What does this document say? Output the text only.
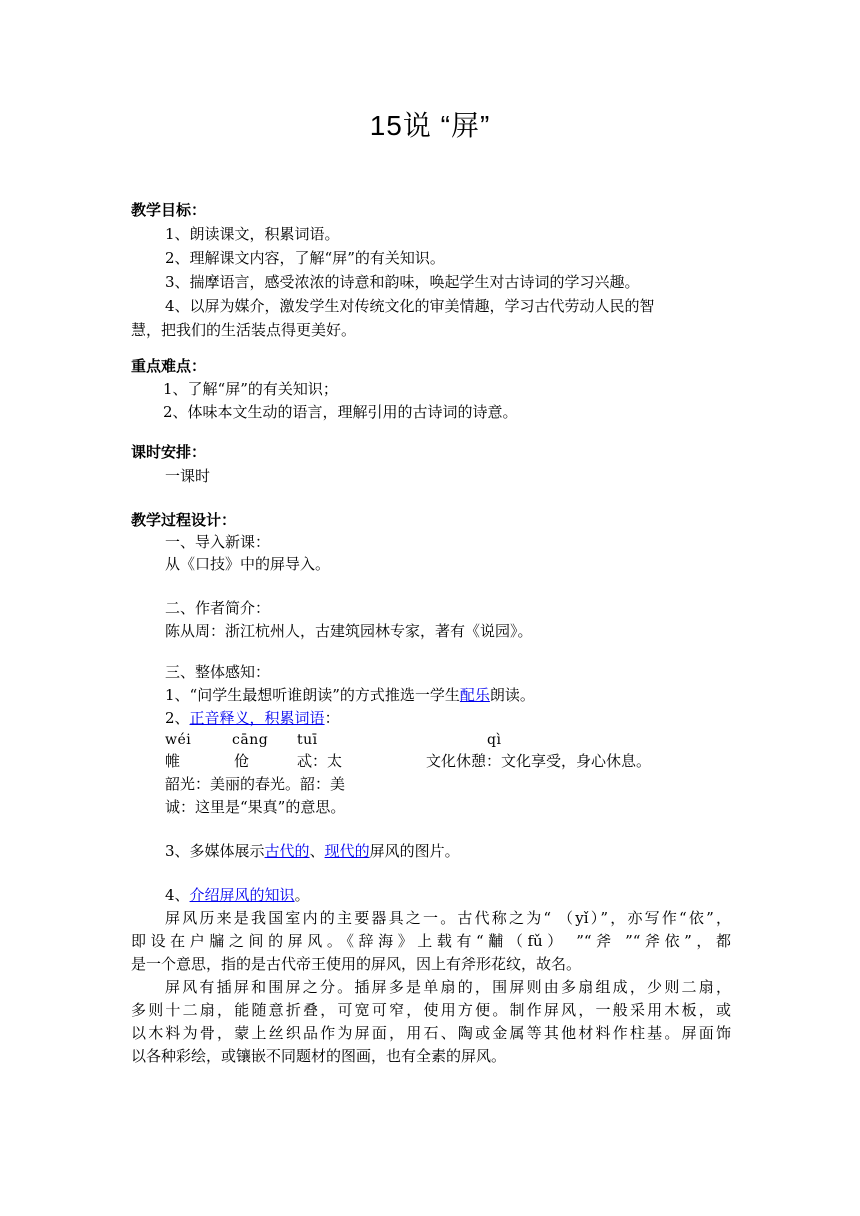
15说 “屏”
教学目标：
1、朗读课文，积累词语。
2、理解课文内容，了解“屏”的有关知识。
3、揣摩语言，感受浓浓的诗意和韵味，唤起学生对古诗词的学习兴趣。
4、以屏为媒介，激发学生对传统文化的审美情趣，学习古代劳动人民的智
慧，把我们的生活装点得更美好。
重点难点：
1、了解“屏”的有关知识；
2、体味本文生动的语言，理解引用的古诗词的诗意。
课时安排：
一课时
教学过程设计：
一、导入新课：
从《口技》中的屏导入。
二、作者简介：
陈从周：浙江杭州人，古建筑园林专家，著有《说园》。
三、整体感知：
1、“问学生最想听谁朗读”的方式推选一学生配乐朗读。
2、正音释义，积累词语：
wéi	cāng tuī	qì
帷	伧	忒：太	文化休憩：文化享受，身心休息。
韶光：美丽的春光。韶：美
诚：这里是“果真”的意思。
3、多媒体展示古代的、现代的屏风的图片。
4、介绍屏风的知识。
屏风历来是我国室内的主要器具之一。古代称之为“ （yǐ）”，亦写作“依”，
即设在户牖之间的屏风。《辞海》上载有“黼（fǔ） ”“斧 ”“斧依”，都
是一个意思，指的是古代帝王使用的屏风，因上有斧形花纹，故名。
屏风有插屏和围屏之分。插屏多是单扇的，围屏则由多扇组成，少则二扇，
多则十二扇，能随意折叠，可宽可窄，使用方便。制作屏风，一般采用木板，或
以木料为骨，蒙上丝织品作为屏面，用石、陶或金属等其他材料作柱基。屏面饰
以各种彩绘，或镶嵌不同题材的图画，也有全素的屏风。
